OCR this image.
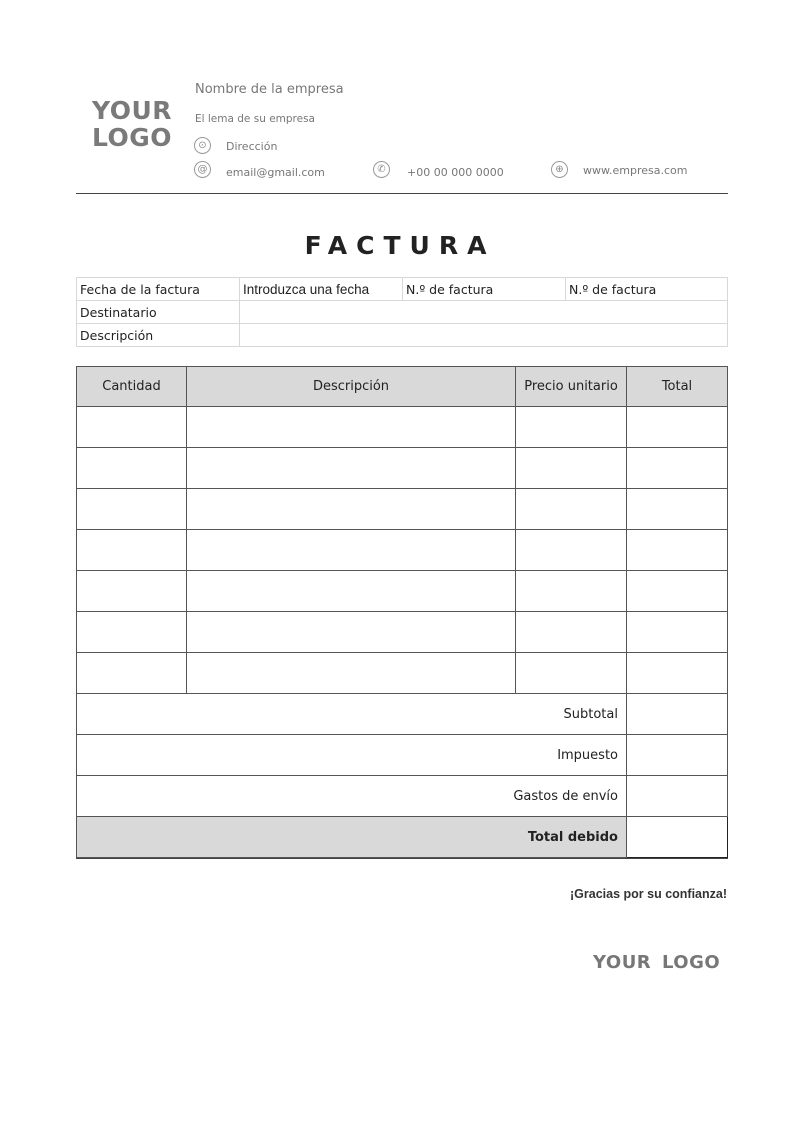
YOUR
LOGO
Nombre de la empresa
El lema de su empresa
⊙	Dirección
@	email@gmail.com	✆	+00 00 000 0000	⊕	www.empresa.com
FACTURA
Fecha de la factura	Introduzca una fecha	N.º de factura	N.º de factura
Destinatario			
Descripción			
Cantidad	Descripción	Precio unitario	Total

Subtotal			
Impuesto			
Gastos de envío			
Total debido			
¡Gracias por su confianza!
YOUR LOGO
